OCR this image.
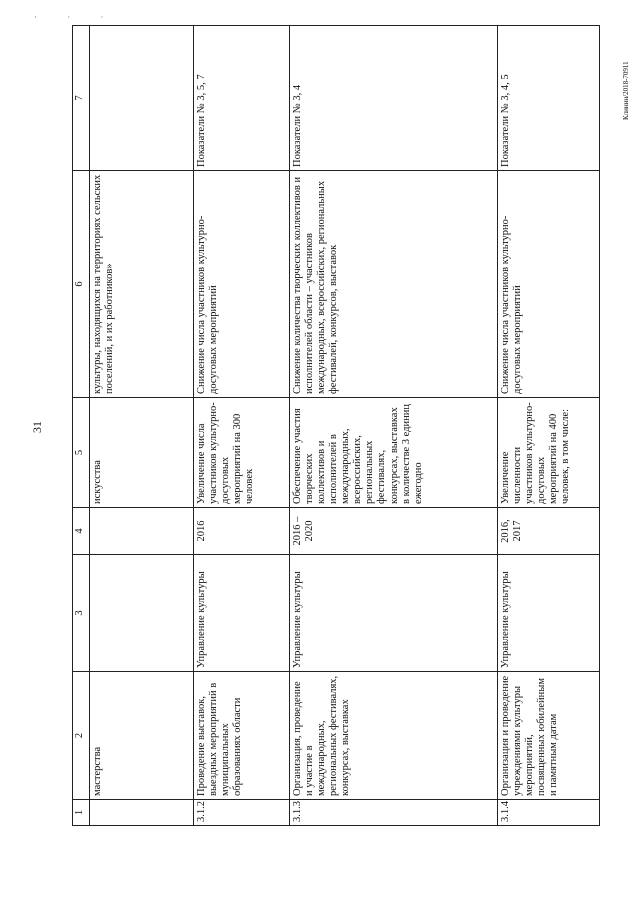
· · ·
31
Клинин/2018-70911
1	2	3	4	5	6	7
	мастерства			искусства	культуры, находящихся на территориях сельских поселений, и их работников»	
3.1.2	Проведение выставок, выездных мероприятий в муниципальных образованиях области	Управление культуры	2016	Увеличение числа участников культурно-досуговых мероприятий на 300 человек	Снижение числа участников культурно-досуговых мероприятий	Показатели № 3, 5, 7
3.1.3	Организация, проведение и участие в международных, региональных фестивалях, конкурсах, выставках	Управление культуры	2016 – 2020	Обеспечение участия творческих коллективов и исполнителей в международных, всероссийских, региональных фестивалях, конкурсах, выставках в количестве 3 единиц ежегодно	Снижение количества творческих коллективов и исполнителей области – участников международных, всероссийских, региональных фестивалей, конкурсов, выставок	Показатели № 3, 4
3.1.4	Организация и проведение учреждениями культуры мероприятий, посвященных юбилейным и памятным датам	Управление культуры	2016, 2017	Увеличение численности участников культурно-досуговых мероприятий на 400 человек, в том числе:	Снижение числа участников культурно-досуговых мероприятий	Показатели № 3, 4, 5
